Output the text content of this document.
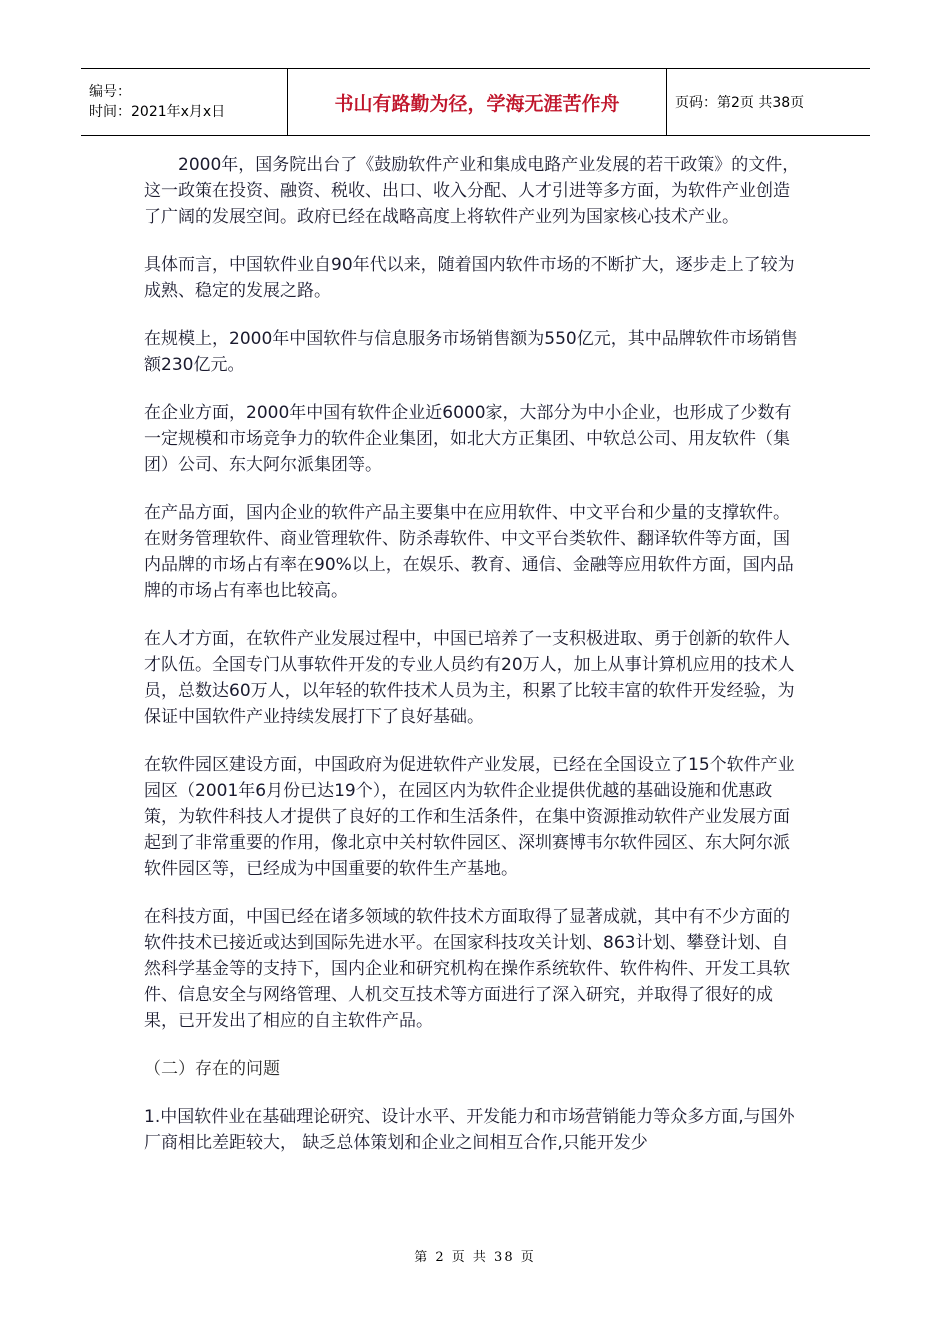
编号：
时间：2021年x月x日	书山有路勤为径，学海无涯苦作舟	页码：第2页 共38页

2000年，国务院出台了《鼓励软件产业和集成电路产业发展的若干政策》的文件，这一政策在投资、融资、税收、出口、收入分配、人才引进等多方面，为软件产业创造了广阔的发展空间。政府已经在战略高度上将软件产业列为国家核心技术产业。

具体而言，中国软件业自90年代以来，随着国内软件市场的不断扩大，逐步走上了较为成熟、稳定的发展之路。

在规模上，2000年中国软件与信息服务市场销售额为550亿元，其中品牌软件市场销售额230亿元。

在企业方面，2000年中国有软件企业近6000家，大部分为中小企业，也形成了少数有一定规模和市场竞争力的软件企业集团，如北大方正集团、中软总公司、用友软件（集团）公司、东大阿尔派集团等。

在产品方面，国内企业的软件产品主要集中在应用软件、中文平台和少量的支撑软件。在财务管理软件、商业管理软件、防杀毒软件、中文平台类软件、翻译软件等方面，国内品牌的市场占有率在90%以上，在娱乐、教育、通信、金融等应用软件方面，国内品牌的市场占有率也比较高。

在人才方面，在软件产业发展过程中，中国已培养了一支积极进取、勇于创新的软件人才队伍。全国专门从事软件开发的专业人员约有20万人，加上从事计算机应用的技术人员，总数达60万人，以年轻的软件技术人员为主，积累了比较丰富的软件开发经验，为保证中国软件产业持续发展打下了良好基础。

在软件园区建设方面，中国政府为促进软件产业发展，已经在全国设立了15个软件产业园区（2001年6月份已达19个），在园区内为软件企业提供优越的基础设施和优惠政策，为软件科技人才提供了良好的工作和生活条件，在集中资源推动软件产业发展方面起到了非常重要的作用，像北京中关村软件园区、深圳赛博韦尔软件园区、东大阿尔派软件园区等，已经成为中国重要的软件生产基地。

在科技方面，中国已经在诸多领域的软件技术方面取得了显著成就，其中有不少方面的软件技术已接近或达到国际先进水平。在国家科技攻关计划、863计划、攀登计划、自然科学基金等的支持下，国内企业和研究机构在操作系统软件、软件构件、开发工具软件、信息安全与网络管理、人机交互技术等方面进行了深入研究，并取得了很好的成果，已开发出了相应的自主软件产品。

（二）存在的问题

1.中国软件业在基础理论研究、设计水平、开发能力和市场营销能力等众多方面,与国外厂商相比差距较大， 缺乏总体策划和企业之间相互合作,只能开发少

第 2 页 共 38 页
